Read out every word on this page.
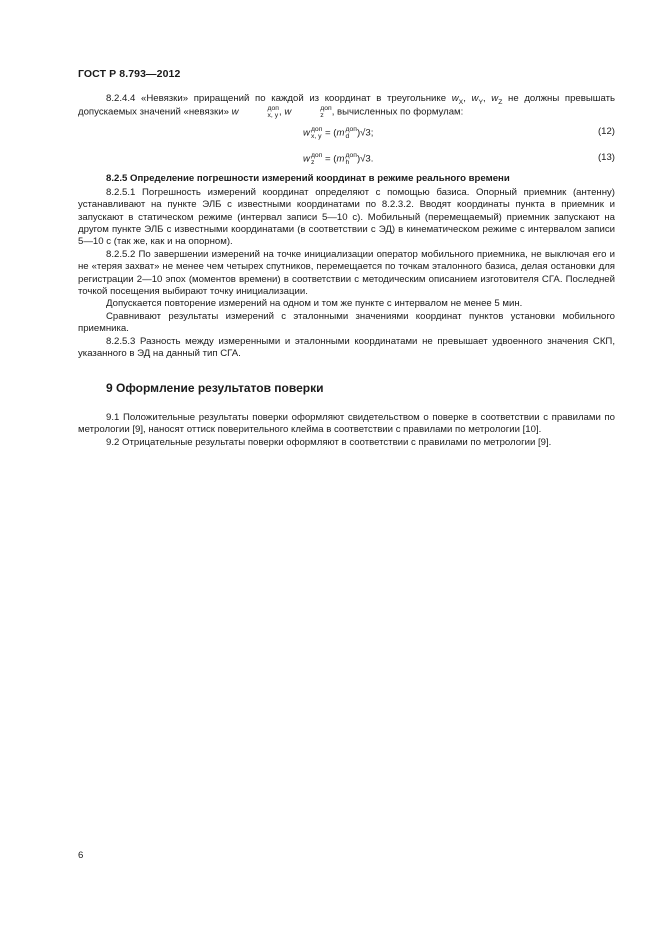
ГОСТ Р 8.793—2012

8.2.4.4 «Невязки» приращений по каждой из координат в треугольнике $w_X$, $w_Y$, $w_Z$ не должны превышать допускаемых значений «невязки» w	доп
x, y , w	доп
z , вычисленных по формулам:

w доп
x, y = (m доп
d )√3;	(12)
w доп
z = (m доп
h )√3.	(13)
8.2.5 Определение погрешности измерений координат в режиме реального времени

8.2.5.1 Погрешность измерений координат определяют с помощью базиса. Опорный приемник (антенну) устанавливают на пункте ЭЛБ с известными координатами по 8.2.3.2. Вводят координаты пункта в приемник и запускают в статическом режиме (интервал записи 5—10 с). Мобильный (перемещаемый) приемник запускают на другом пункте ЭЛБ с известными координатами (в соответствии с ЭД) в кинематическом режиме с интервалом записи 5—10 с (так же, как и на опорном).

8.2.5.2 По завершении измерений на точке инициализации оператор мобильного приемника, не выключая его и не «теряя захват» не менее чем четырех спутников, перемещается по точкам эталонного базиса, делая остановки для регистрации 2—10 эпох (моментов времени) в соответствии с методическим описанием изготовителя СГА. Последней точкой посещения выбирают точку инициализации.

Допускается повторение измерений на одном и том же пункте с интервалом не менее 5 мин.

Сравнивают результаты измерений с эталонными значениями координат пунктов установки мобильного приемника.

8.2.5.3 Разность между измеренными и эталонными координатами не превышает удвоенного значения СКП, указанного в ЭД на данный тип СГА.

9 Оформление результатов поверки

9.1 Положительные результаты поверки оформляют свидетельством о поверке в соответствии с правилами по метрологии [9], наносят оттиск поверительного клейма в соответствии с правилами по метрологии [10].

9.2 Отрицательные результаты поверки оформляют в соответствии с правилами по метрологии [9].

6
